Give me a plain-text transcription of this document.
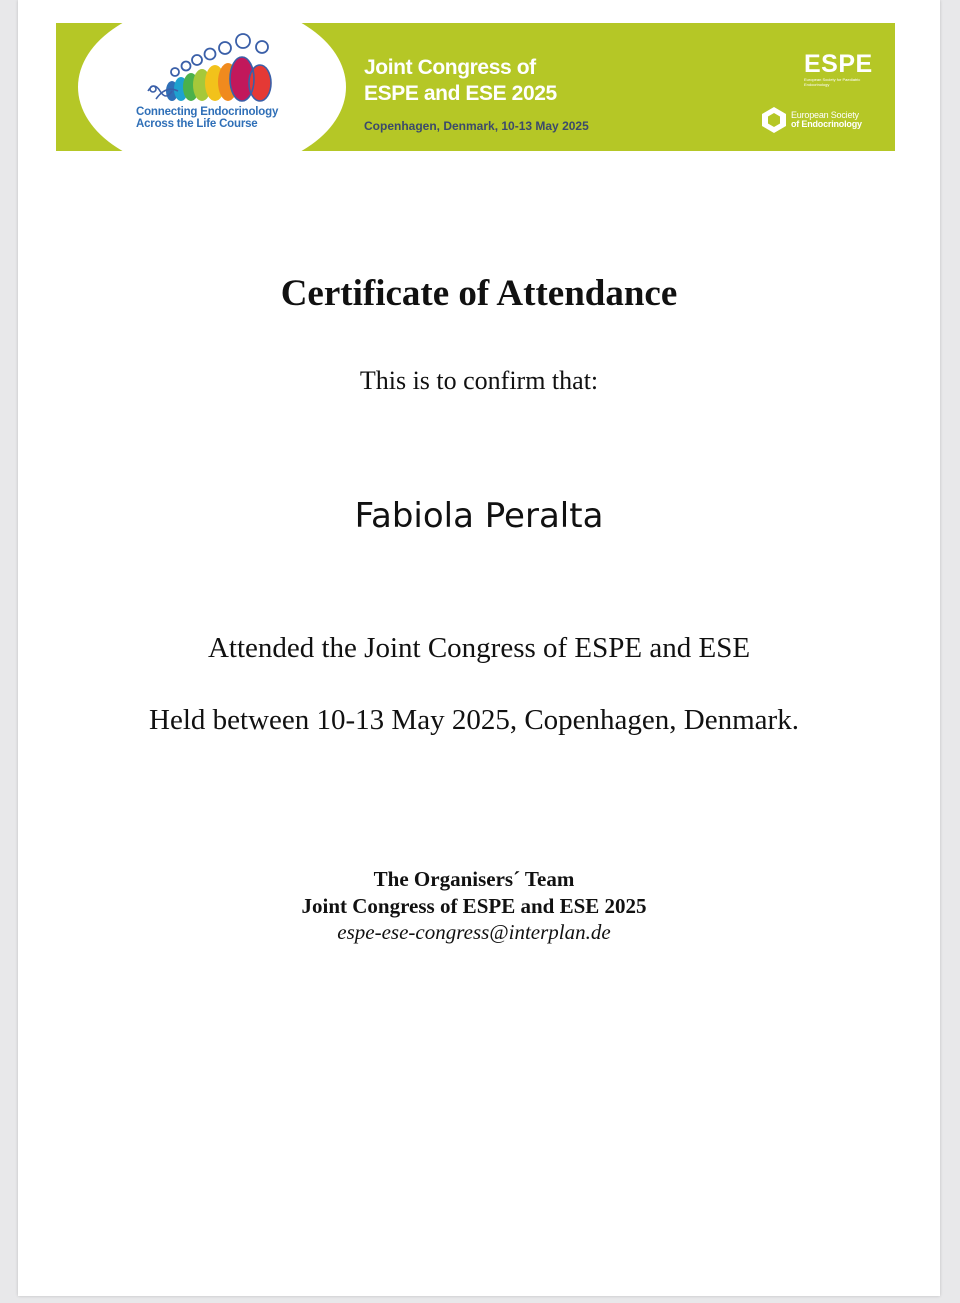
Connecting Endocrinology
Across the Life Course
Joint Congress of
ESPE and ESE 2025
Copenhagen, Denmark, 10-13 May 2025
ESPE
European Society for Paediatric Endocrinology
European Society
of Endocrinology
Certificate of Attendance
This is to confirm that:
Fabiola Peralta
Attended the Joint Congress of ESPE and ESE
Held between 10-13 May 2025, Copenhagen, Denmark.
The Organisers´ Team
Joint Congress of ESPE and ESE 2025
espe-ese-congress@interplan.de
